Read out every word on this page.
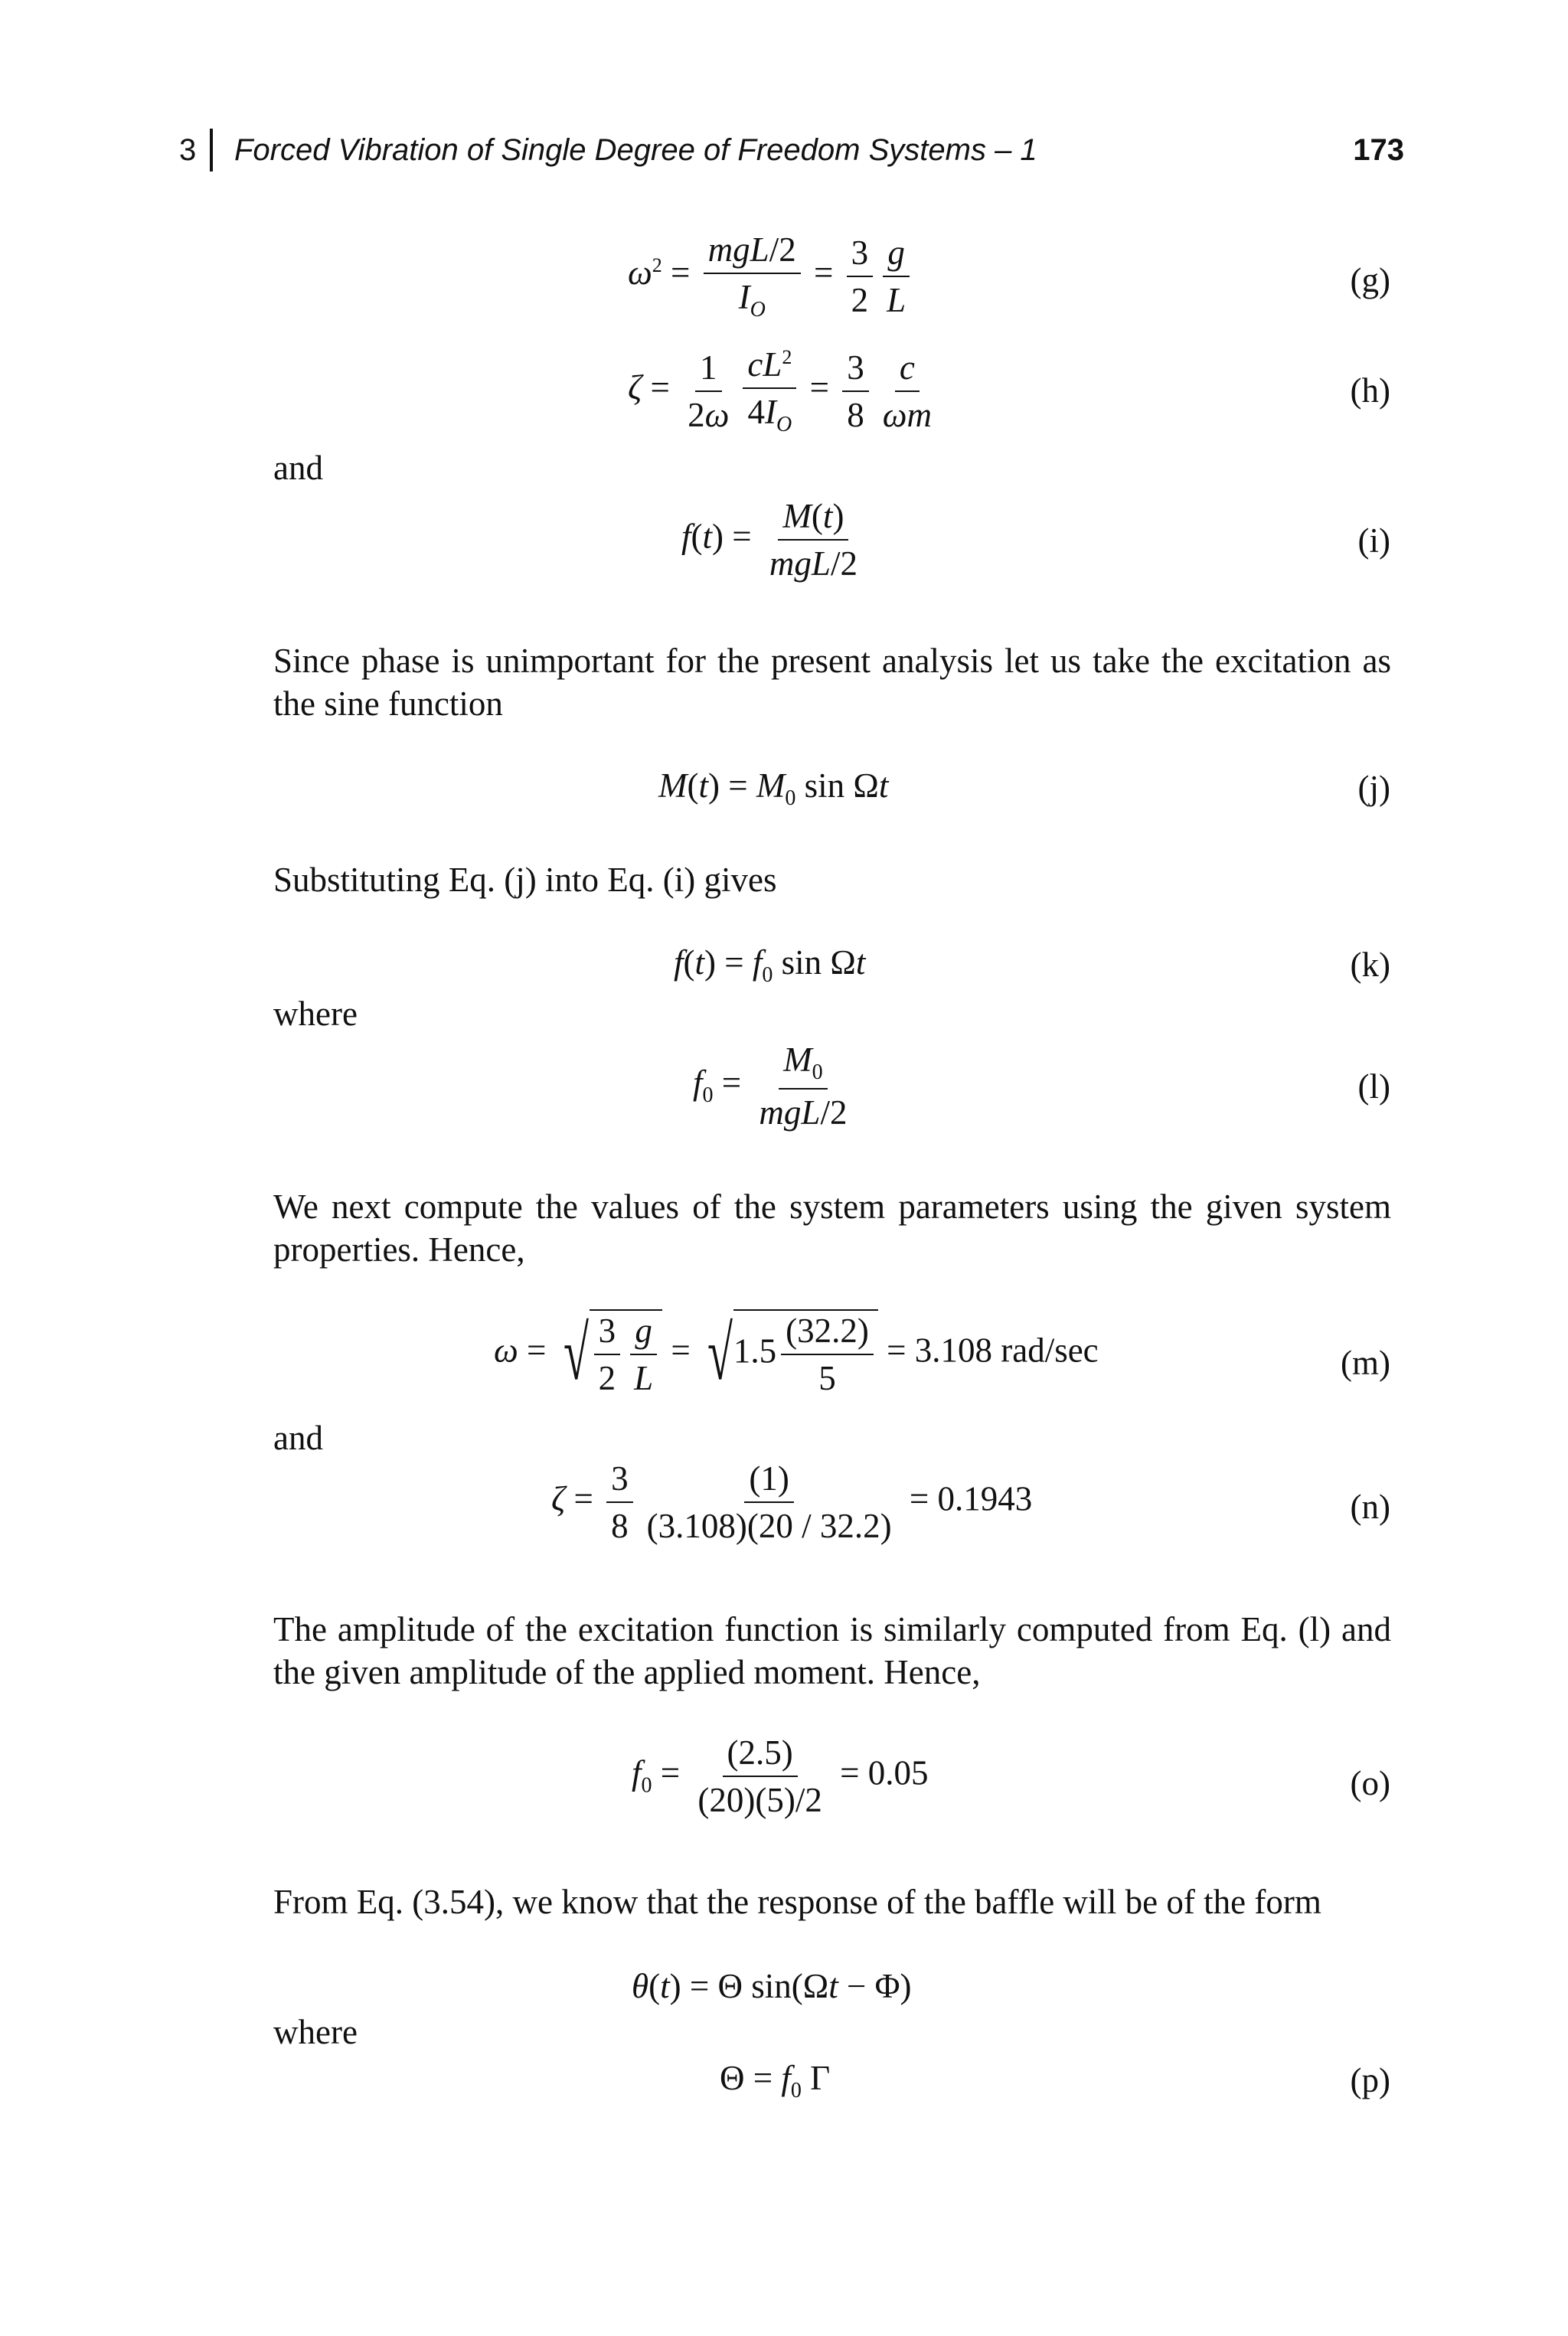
3 Forced Vibration of Single Degree of Freedom Systems – 1	173
$\omega^2$ =
mgL/2
$I_O$
= $\frac{3}{2} \frac{g}{L}$	(g)
$\zeta = \frac{1}{2\omega} \frac{cL^2}{4I_O} = \frac{3}{8} \frac{c}{\omega m}$	(h)
and
f(t) =
M(t)
mgL/2
(i)
Since phase is unimportant for the present analysis let us take the excitation as the sine function
$M(t) = M_0$ sin Ωt	(j)
Substituting Eq. (j) into Eq. (i) gives
$f(t) = f_0$ sin Ωt	(k)
where
$f_0$ =
$M_0$
mgL/2
(l)
We next compute the values of the system parameters using the given system properties. Hence,
ω = √ $\frac{3}{2} \frac{g}{L} = √1.5 \frac{(32.2)}{5} = 3.108$ rad/sec	(m)
and
$\zeta = \frac{3}{8} \frac{(1)}{(3.108)(20 / 32.2)} = 0.1943$	(n)
The amplitude of the excitation function is similarly computed from Eq. (l) and the given amplitude of the applied moment. Hence,
$f_0 = \frac{(2.5)}{(20)(5)/2} = 0.05$	(o)
From Eq. (3.54), we know that the response of the baffle will be of the form
θ(t) = Θ sin(Ωt − Φ)
where
$\Theta = f_0$ Γ	(p)
